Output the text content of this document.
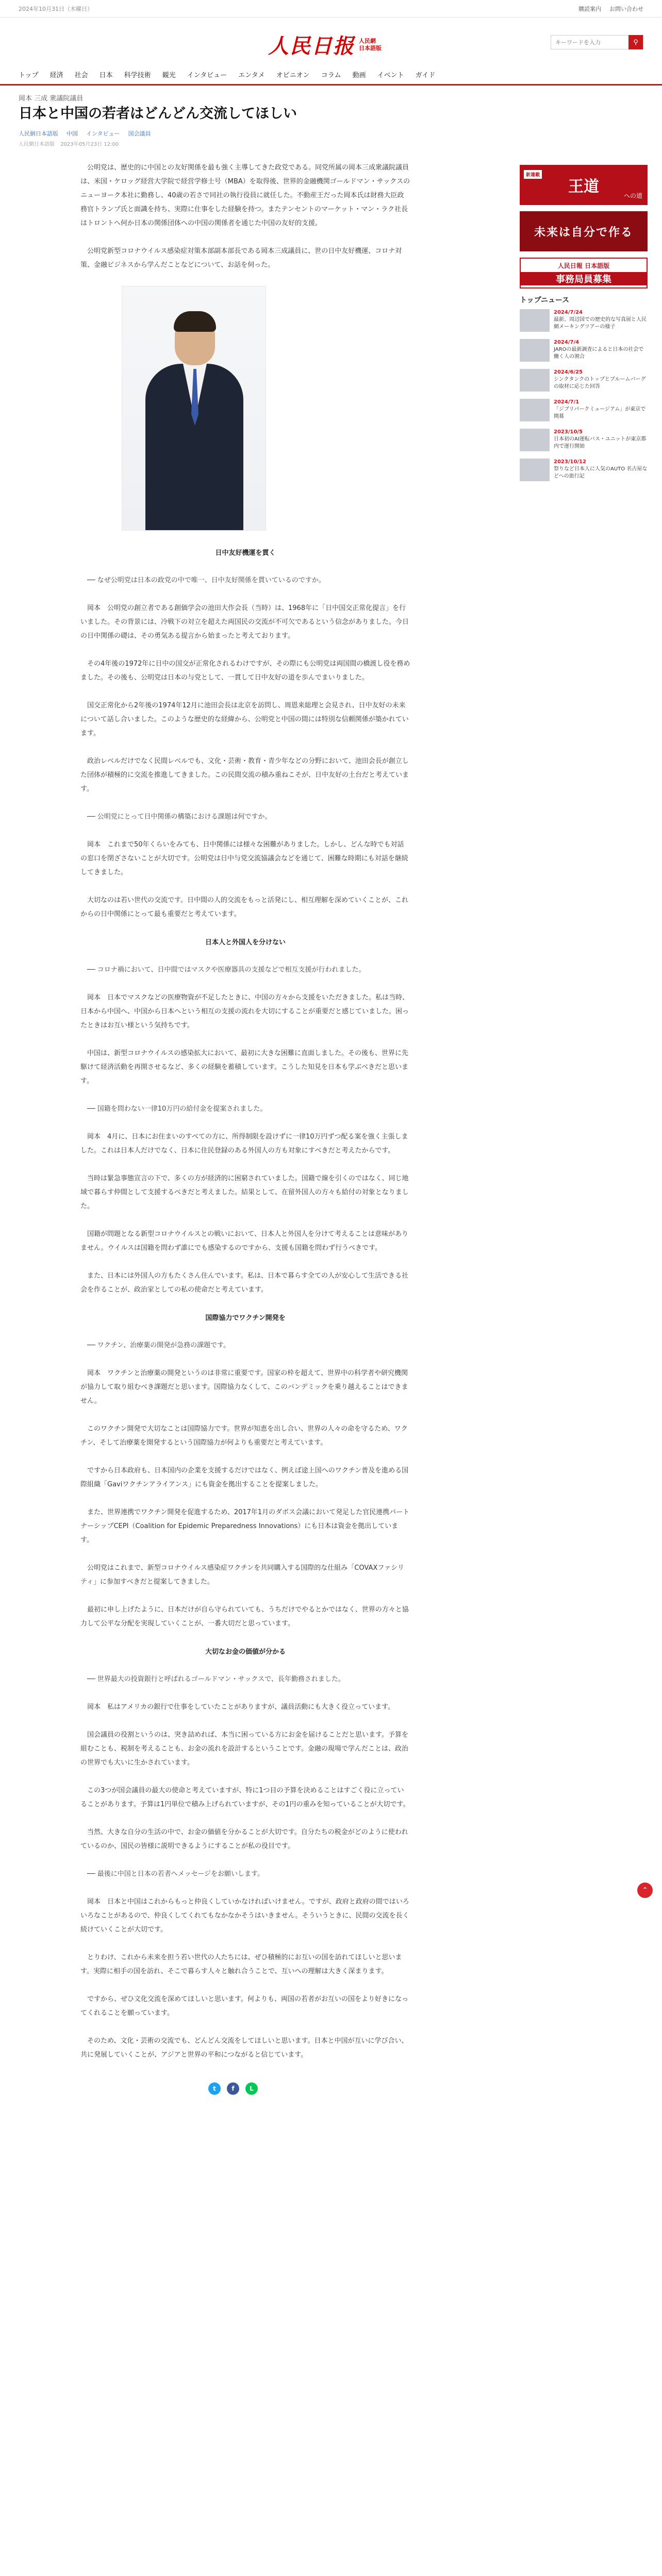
2024年10月31日（木曜日）	購読案内 お問い合わせ
人民日报 人民網
日本語版
キーワードを入力
⚲
トップ 経済 社会 日本 科学技術 観光 インタビュー エンタメ オピニオン コラム 動画 イベント ガイド
岡本 三成 衆議院議員
日本と中国の若者はどんどん交流してほしい
人民網日本語版 中国 インタビュー 国会議員
人民網日本語版 2023年05月23日 12:00

公明党は、歴史的に中国との友好関係を最も強く主導してきた政党である。同党所属の岡本三成衆議院議員は、米国・ケロッグ経営大学院で経営学修士号（MBA）を取得後、世界的金融機関ゴールドマン・サックスのニューヨーク本社に勤務し、40歳の若さで同社の執行役員に就任した。不動産王だった岡本氏は財務大臣政務官トランプ氏と面識を持ち、実際に仕事をした経験を持つ。またテンセントのマーケット・マン・ラク社長はトロントへ何か日本の関係団体への中国の関係者を通じた中国の友好的支援。

公明党新型コロナウイルス感染症対策本部副本部長である岡本三成議員に、世の日中友好機運、コロナ対策、金融ビジネスから学んだことなどについて、お話を伺った。

日中友好機運を貫く

── なぜ公明党は日本の政党の中で唯一、日中友好関係を貫いているのですか。

岡本　公明党の創立者である創価学会の池田大作会長（当時）は、1968年に「日中国交正常化提言」を行いました。その背景には、冷戦下の対立を超えた両国民の交流が不可欠であるという信念がありました。今日の日中関係の礎は、その勇気ある提言から始まったと考えております。

その4年後の1972年に日中の国交が正常化されるわけですが、その際にも公明党は両国間の橋渡し役を務めました。その後も、公明党は日本の与党として、一貫して日中友好の道を歩んでまいりました。

国交正常化から2年後の1974年12月に池田会長は北京を訪問し、周恩来総理と会見され、日中友好の未来について話し合いました。このような歴史的な経緯から、公明党と中国の間には特別な信頼関係が築かれています。

政治レベルだけでなく民間レベルでも、文化・芸術・教育・青少年などの分野において、池田会長が創立した団体が積極的に交流を推進してきました。この民間交流の積み重ねこそが、日中友好の土台だと考えています。

── 公明党にとって日中関係の構築における課題は何ですか。

岡本　これまで50年くらいをみても、日中関係には様々な困難がありました。しかし、どんな時でも対話の窓口を閉ざさないことが大切です。公明党は日中与党交流協議会などを通じて、困難な時期にも対話を継続してきました。

大切なのは若い世代の交流です。日中間の人的交流をもっと活発にし、相互理解を深めていくことが、これからの日中関係にとって最も重要だと考えています。

日本人と外国人を分けない

── コロナ禍において、日中間ではマスクや医療器具の支援などで相互支援が行われました。

岡本　日本でマスクなどの医療物資が不足したときに、中国の方々から支援をいただきました。私は当時、日本から中国へ、中国から日本へという相互の支援の流れを大切にすることが重要だと感じていました。困ったときはお互い様という気持ちです。

中国は、新型コロナウイルスの感染拡大において、最初に大きな困難に直面しました。その後も、世界に先駆けて経済活動を再開させるなど、多くの経験を蓄積しています。こうした知見を日本も学ぶべきだと思います。

── 国籍を問わない一律10万円の給付金を提案されました。

岡本　4月に、日本にお住まいのすべての方に、所得制限を設けずに一律10万円ずつ配る案を強く主張しました。これは日本人だけでなく、日本に住民登録のある外国人の方も対象にすべきだと考えたからです。

当時は緊急事態宣言の下で、多くの方が経済的に困窮されていました。国籍で線を引くのではなく、同じ地域で暮らす仲間として支援するべきだと考えました。結果として、在留外国人の方々も給付の対象となりました。

国籍が問題となる新型コロナウイルスとの戦いにおいて、日本人と外国人を分けて考えることは意味がありません。ウイルスは国籍を問わず誰にでも感染するのですから、支援も国籍を問わず行うべきです。

また、日本には外国人の方もたくさん住んでいます。私は、日本で暮らす全ての人が安心して生活できる社会を作ることが、政治家としての私の使命だと考えています。

国際協力でワクチン開発を

── ワクチン、治療薬の開発が急務の課題です。

岡本　ワクチンと治療薬の開発というのは非常に重要です。国家の枠を超えて、世界中の科学者や研究機関が協力して取り組むべき課題だと思います。国際協力なくして、このパンデミックを乗り越えることはできません。

このワクチン開発で大切なことは国際協力です。世界が知恵を出し合い、世界の人々の命を守るため、ワクチン、そして治療薬を開発するという国際協力が何よりも重要だと考えています。

ですから日本政府も、日本国内の企業を支援するだけではなく、例えば途上国へのワクチン普及を進める国際組織「Gaviワクチンアライアンス」にも資金を拠出することを提案しました。

また、世界連携でワクチン開発を促進するため、2017年1月のダボス会議において発足した官民連携パートナーシップCEPI（Coalition for Epidemic Preparedness Innovations）にも日本は資金を拠出しています。

公明党はこれまで、新型コロナウイルス感染症ワクチンを共同購入する国際的な仕組み「COVAXファシリティ」に参加すべきだと提案してきました。

最初に申し上げたように、日本だけが自ら守られていても、うちだけでやるとかではなく、世界の方々と協力して公平な分配を実現していくことが、一番大切だと思っています。

大切なお金の価値が分かる

── 世界最大の投資銀行と呼ばれるゴールドマン・サックスで、長年勤務されました。

岡本　私はアメリカの銀行で仕事をしていたことがありますが、議員活動にも大きく役立っています。

国会議員の役割というのは、突き詰めれば、本当に困っている方にお金を届けることだと思います。予算を組むことも、税制を考えることも、お金の流れを設計するということです。金融の現場で学んだことは、政治の世界でも大いに生かされています。

この3つが国会議員の最大の使命と考えていますが、特に1つ目の予算を決めることはすごく役に立っていることがあります。予算は1円単位で積み上げられていますが、その1円の重みを知っていることが大切です。

当然、大きな自分の生活の中で、お金の価値を分かることが大切です。自分たちの税金がどのように使われているのか、国民の皆様に説明できるようにすることが私の役目です。

── 最後に中国と日本の若者へメッセージをお願いします。

岡本　日本と中国はこれからもっと仲良くしていかなければいけません。ですが、政府と政府の間ではいろいろなことがあるので、仲良くしてくれてもなかなかそうはいきません。そういうときに、民間の交流を長く続けていくことが大切です。

とりわけ、これから未来を担う若い世代の人たちには、ぜひ積極的にお互いの国を訪れてほしいと思います。実際に相手の国を訪れ、そこで暮らす人々と触れ合うことで、互いへの理解は大きく深まります。

ですから、ぜひ文化交流を深めてほしいと思います。何よりも、両国の若者がお互いの国をより好きになってくれることを願っています。

そのため、文化・芸術の交流でも、どんどん交流をしてほしいと思います。日本と中国が互いに学び合い、共に発展していくことが、アジアと世界の平和につながると信じています。

t	f	L
新連載
王道	への道
未来は自分で作る
人民日報 日本語版
事務局員募集
トップニュース
2024/7/24
最新、周辺国での歴史的な写真展と人民網メーキングツアーの様子
2024/7/4
JAROの最新調査によると日本の社会で働く人の割合
2024/6/25
シンクタンクのトップとブルームバーグの取材に応じた回答
2024/7/1
「ジブリパークミュージアム」が東京で開幕
2023/10/5
日本初のAI運転バス・ユニットが東京都内で運行開始
2023/10/12
祭りなど日本人に人気のAUTO 名古屋などへの旅行記
⌃
